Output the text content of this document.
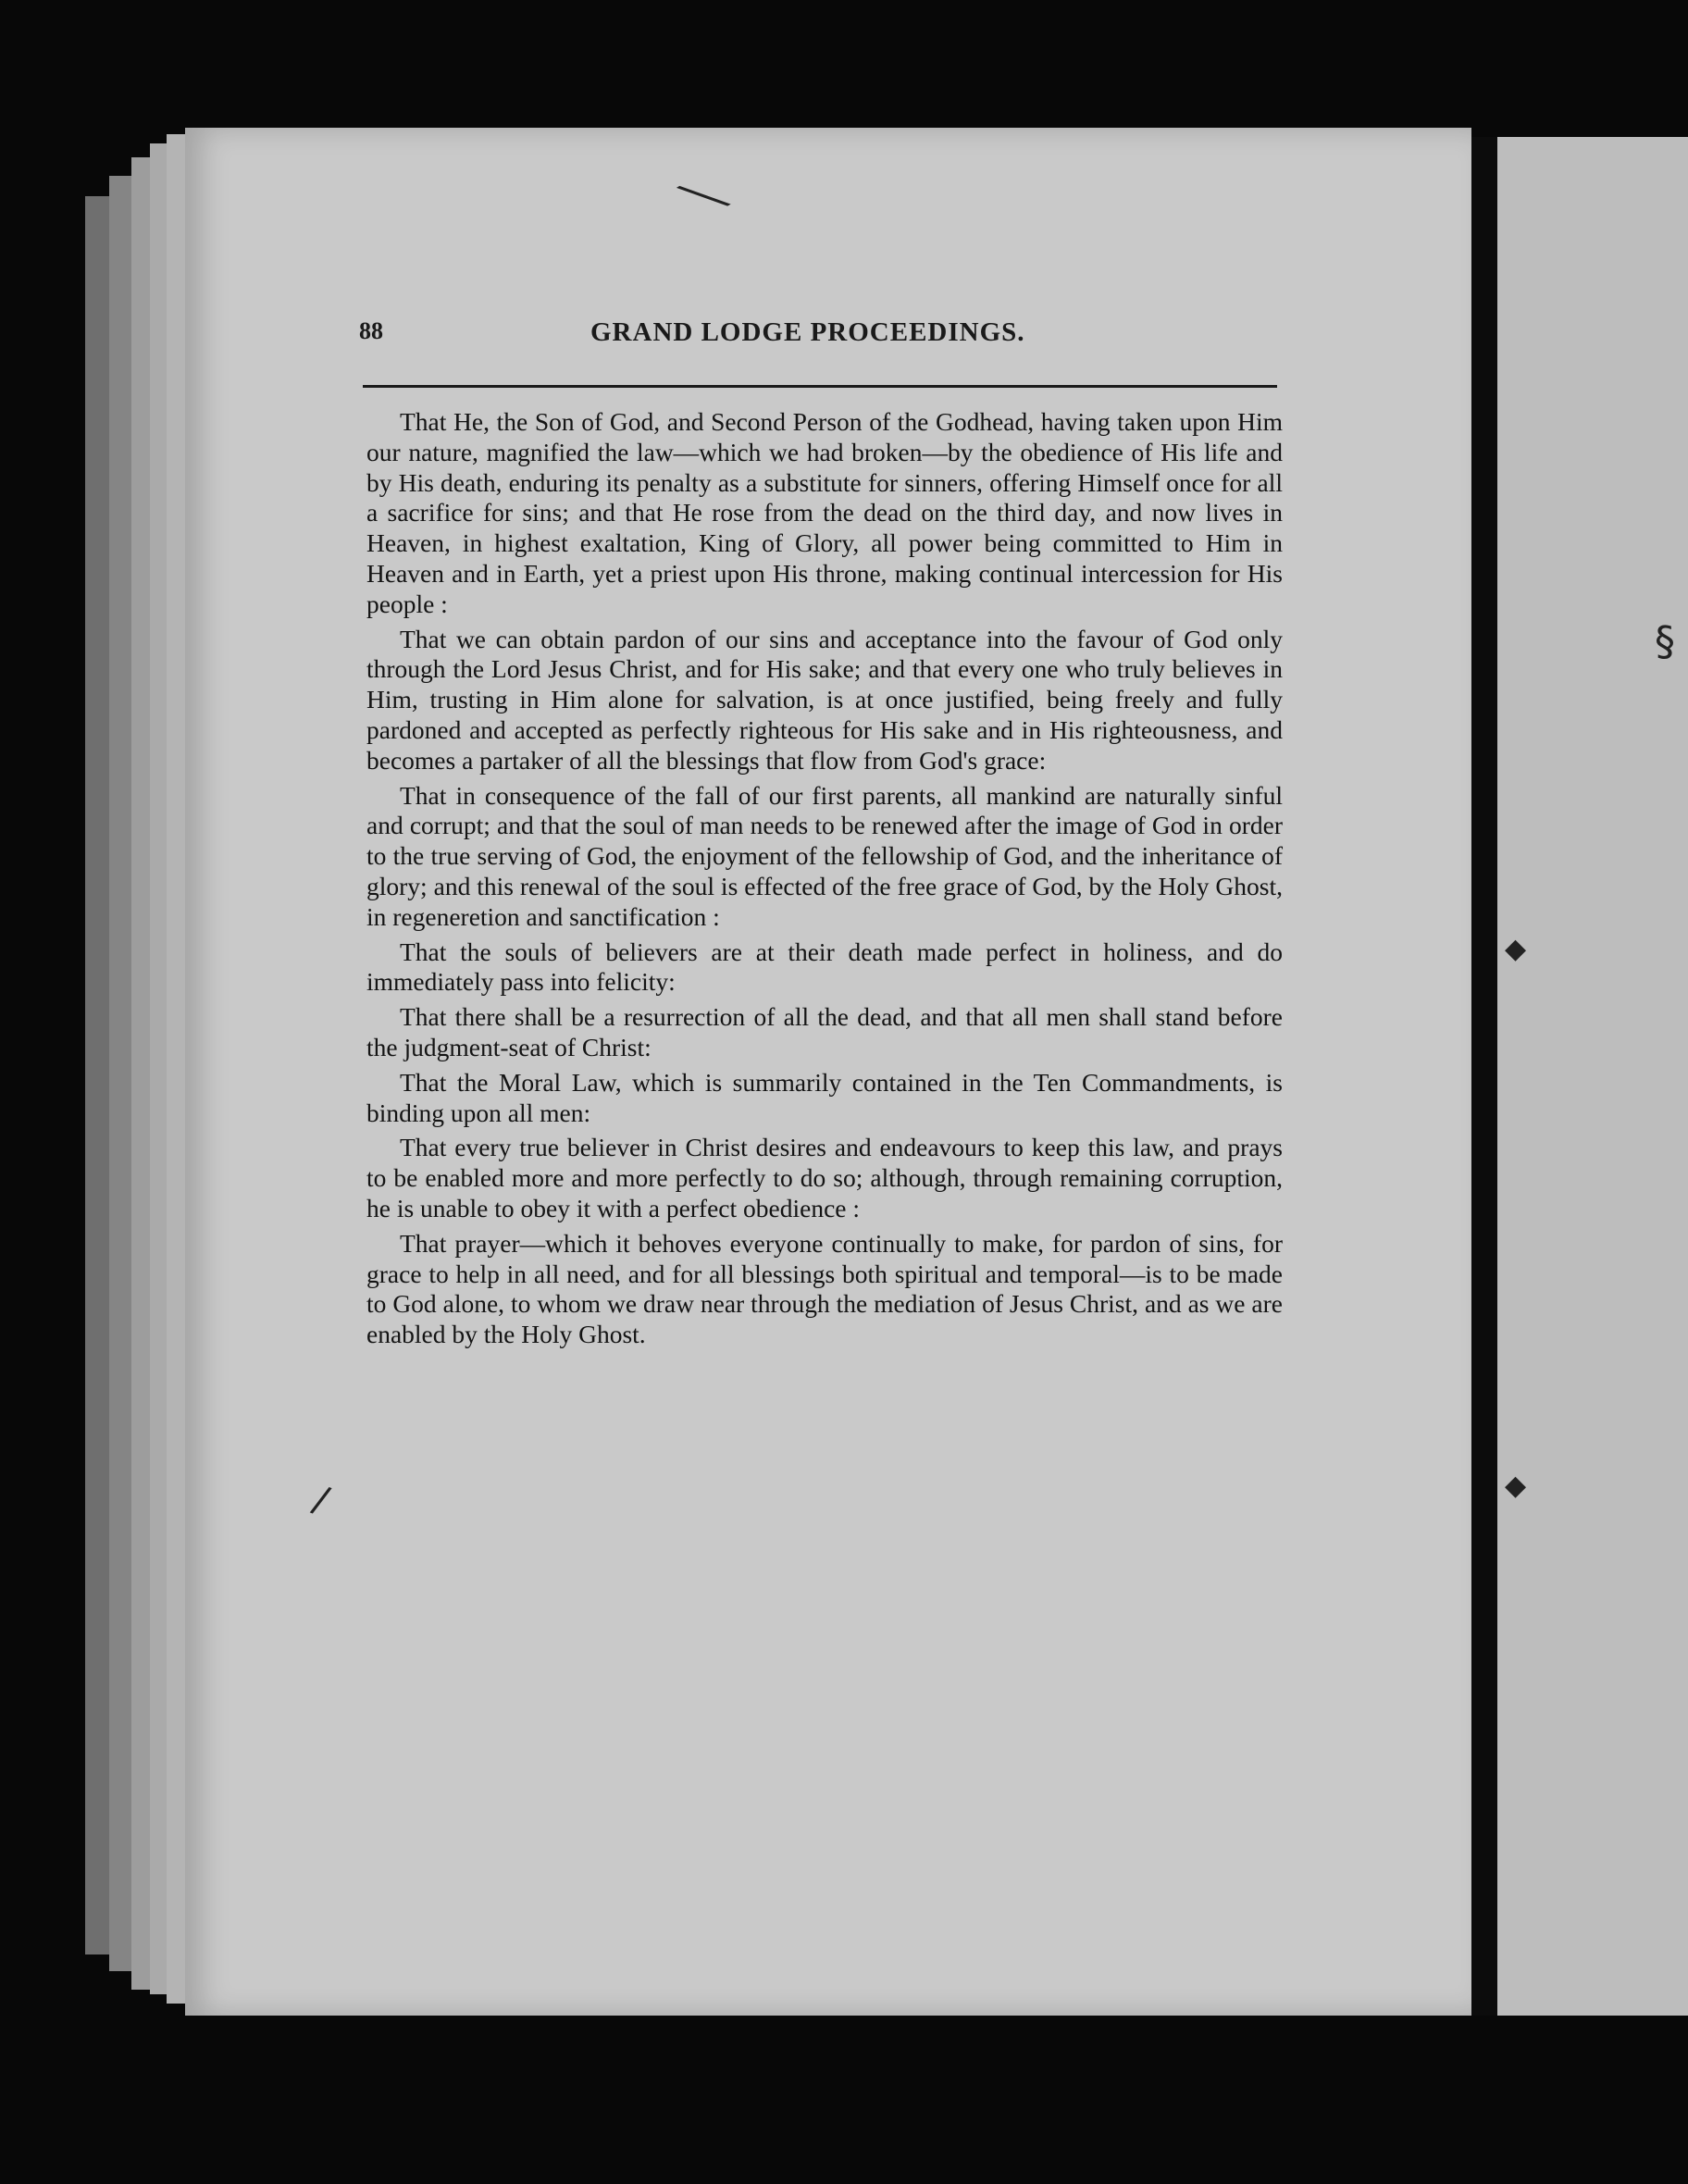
88	GRAND LODGE PROCEEDINGS.

That He, the Son of God, and Second Person of the Godhead, having taken upon Him our nature, magnified the law—which we had broken—by the obedience of His life and by His death, enduring its penalty as a substitute for sinners, offering Himself once for all a sacrifice for sins; and that He rose from the dead on the third day, and now lives in Heaven, in highest exaltation, King of Glory, all power being committed to Him in Heaven and in Earth, yet a priest upon His throne, making continual intercession for His people :

That we can obtain pardon of our sins and acceptance into the favour of God only through the Lord Jesus Christ, and for His sake; and that every one who truly believes in Him, trusting in Him alone for salvation, is at once justified, being freely and fully pardoned and accepted as perfectly righteous for His sake and in His righteousness, and becomes a partaker of all the blessings that flow from God's grace:

That in consequence of the fall of our first parents, all mankind are naturally sinful and corrupt; and that the soul of man needs to be renewed after the image of God in order to the true serving of God, the enjoyment of the fellowship of God, and the inheritance of glory; and this renewal of the soul is effected of the free grace of God, by the Holy Ghost, in regeneretion and sanctification :

That the souls of believers are at their death made perfect in holiness, and do immediately pass into felicity:

That there shall be a resurrection of all the dead, and that all men shall stand before the judgment-seat of Christ:

That the Moral Law, which is summarily contained in the Ten Commandments, is binding upon all men:

That every true believer in Christ desires and endeavours to keep this law, and prays to be enabled more and more perfectly to do so; although, through remaining corruption, he is unable to obey it with a perfect obedience :

That prayer—which it behoves everyone continually to make, for pardon of sins, for grace to help in all need, and for all blessings both spiritual and temporal—is to be made to God alone, to whom we draw near through the mediation of Jesus Christ, and as we are enabled by the Holy Ghost.

⟍
/
◆
◆
§
